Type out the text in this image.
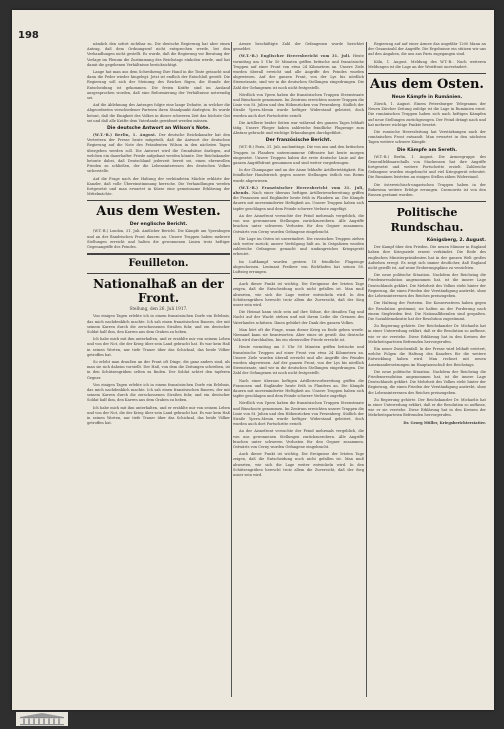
198

nämlich den sofort sichtbar zu. Die deutsche Regierung hat aber einen Antrag, daß dem Ordnungsruf nicht entsprochen werde, bei den Verhandlungen nicht gestellt. Es wurde, daß die Regierung vor Beratung der Vorlage im Plenum die Zustimmung des Reichstags einholen werde, und hat damit die gegebenen Verhältnisse berücksichtigt.

Lange hat man aus dem Schreibzeug Ihre Hand in die Tinte getaucht und dann die Feder wieder hingelegt. Jetzt ist endlich der Entschluß gereift. Die Regierung soll sich der Meinung des Reiches fügen, die Stunde der Entscheidung ist gekommen. Die freien Kräfte sind im Ausland ausgesprochen worden, daß eine Reformierung der Verhältnisse notwendig sei.

Auf die Ablehnung des Antrages folgte eine lange Debatte, in welcher die Abgeordneten verschiedener Parteien ihren Standpunkt darlegten. Es wurde betont, daß die Einigkeit des Volkes in dieser schweren Zeit das höchste Gut sei und daß alle Kräfte dem Vaterlande gewidmet werden müssen.

Die deutsche Antwort an Wilson's Note.

(W.T.-B.) Berlin, 1. August. Der deutsche Reichskanzler hat den Vertretern der Presse heute mitgeteilt, daß die Antwort der deutschen Regierung auf die Note des Präsidenten Wilson in den nächsten Tagen übergeben werden soll. Die Antwort wird die Grundsätze darlegen, auf welchen ein dauerhafter Friede aufgebaut werden könnte. Der Reichskanzler betonte dabei, daß Deutschland jederzeit bereit sei, einen ehrenvollen Frieden zu schließen, der die Lebensinteressen des deutschen Volkes sicherstelle.

Auf die Frage nach der Haltung der verbündeten Mächte erklärte der Kanzler, daß volle Übereinstimmung herrsche. Die Verhandlungen werden fortgesetzt und man erwartet in Kürze eine gemeinsame Erklärung der Mittelmächte.

Aus dem Westen.
Der englische Bericht.

(W.T.-B.) London, 31. Juli. Amtlicher Bericht. Die Kämpfe am Ypernbogen und an der flandrischen Front dauern an. Unsere Truppen haben mehrere Stellungen erreicht und halten die gewonnenen Linien trotz heftiger Gegenangriffe des Feindes.

Feuilleton.
Nationalhaß an der Front.
Stellung, den 26. Juli 1917.

Von einigen Tagen erlebte ich in einem französischen Dorfe ein Erlebnis, das mich nachdenklich machte. Ich sah einen französischen Bauern, der mit seinem Karren durch die zerschossenen Straßen fuhr, und ein deutscher Soldat half ihm, den Karren aus dem Graben zu heben.

Ich habe mich mit ihm unterhalten, und er erzählte mir von seinem Leben und von der Not, die der Krieg über sein Land gebracht hat. Es war kein Haß in seinen Worten, nur tiefe Trauer über das Schicksal, das beide Völker getroffen hat.

So erlebt man draußen an der Front oft Dinge, die ganz anders sind, als man sie sich daheim vorstellt. Der Haß, von dem die Zeitungen schreiben, ist in den Schützengräben selten zu finden. Der Soldat achtet den tapferen Gegner.

Von einigen Tagen erlebte ich in einem französischen Dorfe ein Erlebnis, das mich nachdenklich machte. Ich sah einen französischen Bauern, der mit seinem Karren durch die zerschossenen Straßen fuhr, und ein deutscher Soldat half ihm, den Karren aus dem Graben zu heben.

Ich habe mich mit ihm unterhalten, und er erzählte mir von seinem Leben und von der Not, die der Krieg über sein Land gebracht hat. Es war kein Haß in seinen Worten, nur tiefe Trauer über das Schicksal, das beide Völker getroffen hat.

Armee beschäftigte Zahl der Gefangenen wurde berichtet gemeldet.

(W.T.-B.) Englischer Heeresbericht vom 31. Juli. Heute vormittag um 5 Uhr 50 Minuten griffen britische und französische Truppen auf einer Front von etwa 24 Kilometern an. Unsere Ziele wurden überall erreicht und alle Angriffe des Feindes wurden abgewiesen. Auf der ganzen Front, von der Lys bis nördlich Steenstraate, sind wir in die deutschen Stellungen eingedrungen. Die Zahl der Gefangenen ist noch nicht festgestellt.

Nördlich von Ypern haben die französischen Truppen Steenstraate und Bixschoote genommen. Im Zentrum erreichten unsere Truppen die Linie von St. Julien und den Höhenrücken von Frezenberg. Südlich der Straße Ypern–Menin wurde heftiger Widerstand geleistet, doch wurden auch dort Fortschritte erzielt.

Die Artillerie beider Seiten war während des ganzen Tages lebhaft tätig. Unsere Flieger haben zahlreiche feindliche Flugzeuge zum Absturz gebracht und wichtige Erkundungen durchgeführt.

Der französische Bericht.

(W.T.-B.) Paris, 31. Juli, nachmittags. Die von uns und den britischen Truppen in Flandern unternommene Offensive hat heute morgen eingesetzt. Unsere Truppen haben die erste deutsche Linie auf der ganzen Angriffsfront genommen und sind weiter vorgedrungen.

In der Champagne und an der Aisne lebhafte Artillerietätigkeit. Ein feindlicher Handstreich gegen unsere Stellungen östlich von Reims wurde abgewiesen.

(W.T.-B.) Französischer Heeresbericht vom 31. Juli, abends. Nach einer überaus heftigen Artillerievorbereitung griffen die Franzosen und Engländer heute früh in Flandern an. Die Kämpfe dauern mit unverminderter Heftigkeit an. Unsere Truppen haben sich tapfer geschlagen und dem Feinde schwere Verluste zugefügt.

An der Aisnefront versuchte der Feind mehrmals vergeblich, die von uns gewonnenen Stellungen zurückzuerobern. Alle Angriffe brachen unter schweren Verlusten für den Gegner zusammen. Ostwärts von Cerny wurden Gefangene eingebracht.

Die Lage im Osten ist unverändert. Die russischen Truppen ziehen sich weiter zurück; unsere Verfolgung hält an. In Ostgalizien wurden zahlreiche Gefangene gemacht und umfangreiches Kriegsgerät erbeutet.

Im Luftkampf wurden gestern 18 feindliche Flugzeuge abgeschossen. Leutnant Freiherr von Richthofen hat seinen 58. Luftsieg errungen.

Auch dieser Punkt ist wichtig. Die Ereignisse der letzten Tage zeigen, daß die Entscheidung noch nicht gefallen ist. Man muß abwarten, wie sich die Lage weiter entwickeln wird. In den Schützengräben herrscht trotz allem die Zuversicht, daß der Sieg unser sein wird.

Die Heimat kann stolz sein auf ihre Söhne, die draußen Tag und Nacht auf der Wacht stehen und mit ihrem Leibe die Grenzen des Vaterlandes schützen. Ihnen gebührt der Dank des ganzen Volkes.

Man hört oft die Frage, wann dieser Krieg zu Ende gehen werde. Niemand kann sie beantworten. Aber eines ist gewiß: das deutsche Volk wird durchhalten, bis ein ehrenvoller Friede erreicht ist.

Heute vormittag um 5 Uhr 50 Minuten griffen britische und französische Truppen auf einer Front von etwa 24 Kilometern an. Unsere Ziele wurden überall erreicht und alle Angriffe des Feindes wurden abgewiesen. Auf der ganzen Front, von der Lys bis nördlich Steenstraate, sind wir in die deutschen Stellungen eingedrungen. Die Zahl der Gefangenen ist noch nicht festgestellt.

Nach einer überaus heftigen Artillerievorbereitung griffen die Franzosen und Engländer heute früh in Flandern an. Die Kämpfe dauern mit unverminderter Heftigkeit an. Unsere Truppen haben sich tapfer geschlagen und dem Feinde schwere Verluste zugefügt.

Nördlich von Ypern haben die französischen Truppen Steenstraate und Bixschoote genommen. Im Zentrum erreichten unsere Truppen die Linie von St. Julien und den Höhenrücken von Frezenberg. Südlich der Straße Ypern–Menin wurde heftiger Widerstand geleistet, doch wurden auch dort Fortschritte erzielt.

An der Aisnefront versuchte der Feind mehrmals vergeblich, die von uns gewonnenen Stellungen zurückzuerobern. Alle Angriffe brachen unter schweren Verlusten für den Gegner zusammen. Ostwärts von Cerny wurden Gefangene eingebracht.

Auch dieser Punkt ist wichtig. Die Ereignisse der letzten Tage zeigen, daß die Entscheidung noch nicht gefallen ist. Man muß abwarten, wie sich die Lage weiter entwickeln wird. In den Schützengräben herrscht trotz allem die Zuversicht, daß der Sieg unser sein wird.

Regierung auf auf einer Armee das ungefähr 1200 Mann an der Gesamtzahl der Angriffe. Die Ergebnisse ein stützen wir uns auf den Angaben, die uns aus Paris zugegangen sind.

Köln, 1. August. Meldung des W.T.-B.: Nach weiteren Meldungen ist die Lage an der Westfront unverändert.

Aus dem Osten.
Neue Kämpfe in Rumänien.

Zürich, 1. August. Einem Petersburger Telegramm der Neuen Zürcher Zeitung zufolge ist die Lage in Rumänien ernst. Die rumänischen Truppen haben sich nach heftigen Kämpfen auf neue Stellungen zurückgezogen. Der Feind drängt nach und hat mehrere wichtige Punkte besetzt.

Die russische Heeresleitung hat Verstärkungen nach der rumänischen Front entsandt. Man erwartet in den nächsten Tagen weitere schwere Kämpfe.

Die Kämpfe am Sereth.

(W.T.-B.) Berlin, 1. August. Die Armeegruppe des Generalfeldmarschalls von Mackensen hat ihre Angriffe fortgesetzt und weitere Fortschritte erzielt. Zahlreiche Gefangene wurden eingebracht und viel Kriegsgerät erbeutet. Die Rumänen leisteten an einigen Stellen zähen Widerstand.

Die österreichisch-ungarischen Truppen haben in der Bukowina weitere Erfolge errungen. Czernowitz ist von den Russen geräumt worden.

Politische Rundschau.
Königsberg, 2. August.

Der Kampf über den Frieden. Die neuen Männer in England haben ihre Kriegsziele erneut verkündet. Die Rede des englischen Ministerpräsidenten hat in der ganzen Welt großes Aufsehen erregt. Es zeigt sich immer deutlicher, daß England nicht gewillt ist, auf seine Eroberungspläne zu verzichten.

Die neue politische Situation. Nachdem der Reichstag die Friedensresolution angenommen hat, ist die innere Lage Deutschlands geklärt. Die Mehrheit des Volkes steht hinter der Regierung, die einen Frieden der Verständigung anstrebt, ohne die Lebensinteressen des Reiches preiszugeben.

Die Haltung der Parteien. Die Konservativen haben gegen die Resolution gestimmt; sie halten an der Forderung nach einem Siegfrieden fest. Die Nationalliberalen sind gespalten. Die Sozialdemokratie hat der Resolution zugestimmt.

Zu Regierung gehörte. Der Reichskanzler Dr. Michaelis hat in einer Unterredung erklärt, daß er die Resolution so auffasse, wie er sie verstehe. Diese Erklärung hat in den Kreisen der Mehrheitsparteien Befremden hervorgerufen.

Ein neuer Zwischenfall. In der Presse wird lebhaft erörtert, welche Folgen die Haltung des Kanzlers für die weitere Entwicklung haben wird. Man rechnet mit neuen Auseinandersetzungen im Hauptausschuß des Reichstags.

Die neue politische Situation. Nachdem der Reichstag die Friedensresolution angenommen hat, ist die innere Lage Deutschlands geklärt. Die Mehrheit des Volkes steht hinter der Regierung, die einen Frieden der Verständigung anstrebt, ohne die Lebensinteressen des Reiches preiszugeben.

Zu Regierung gehörte. Der Reichskanzler Dr. Michaelis hat in einer Unterredung erklärt, daß er die Resolution so auffasse, wie er sie verstehe. Diese Erklärung hat in den Kreisen der Mehrheitsparteien Befremden hervorgerufen.

Dr. Georg Müller, Kriegsberichterstatter.
